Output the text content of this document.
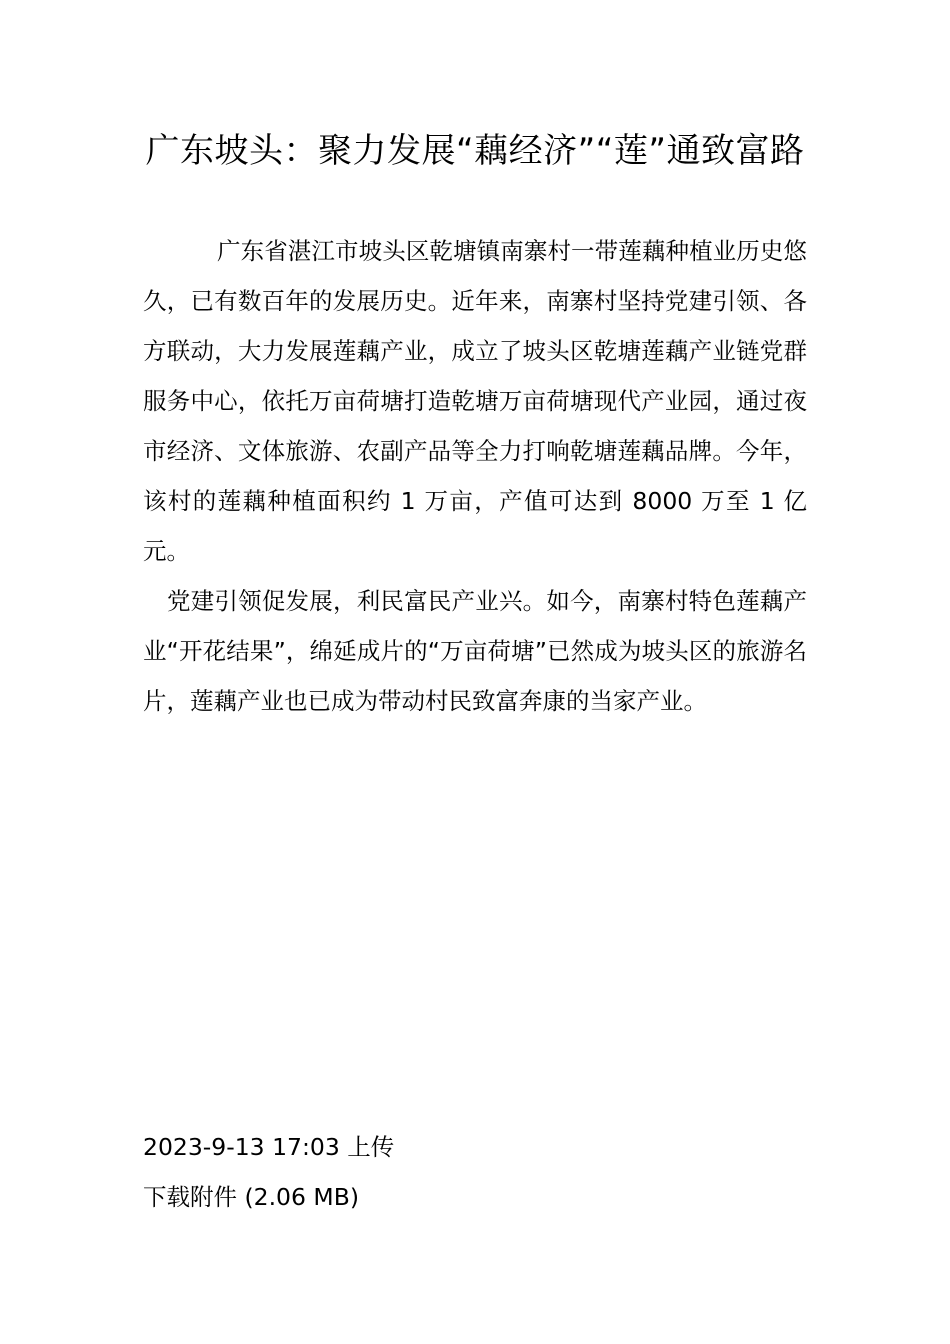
广东坡头：聚力发展“藕经济”“莲”通致富路

广东省湛江市坡头区乾塘镇南寨村一带莲藕种植业历史悠久，已有数百年的发展历史。近年来，南寨村坚持党建引领、各方联动，大力发展莲藕产业，成立了坡头区乾塘莲藕产业链党群服务中心，依托万亩荷塘打造乾塘万亩荷塘现代产业园，通过夜市经济、文体旅游、农副产品等全力打响乾塘莲藕品牌。今年，该村的莲藕种植面积约 1 万亩，产值可达到 8000 万至 1 亿元。

党建引领促发展，利民富民产业兴。如今，南寨村特色莲藕产业“开花结果”，绵延成片的“万亩荷塘”已然成为坡头区的旅游名片，莲藕产业也已成为带动村民致富奔康的当家产业。

2023-9-13 17:03 上传
下载附件 (2.06 MB)
